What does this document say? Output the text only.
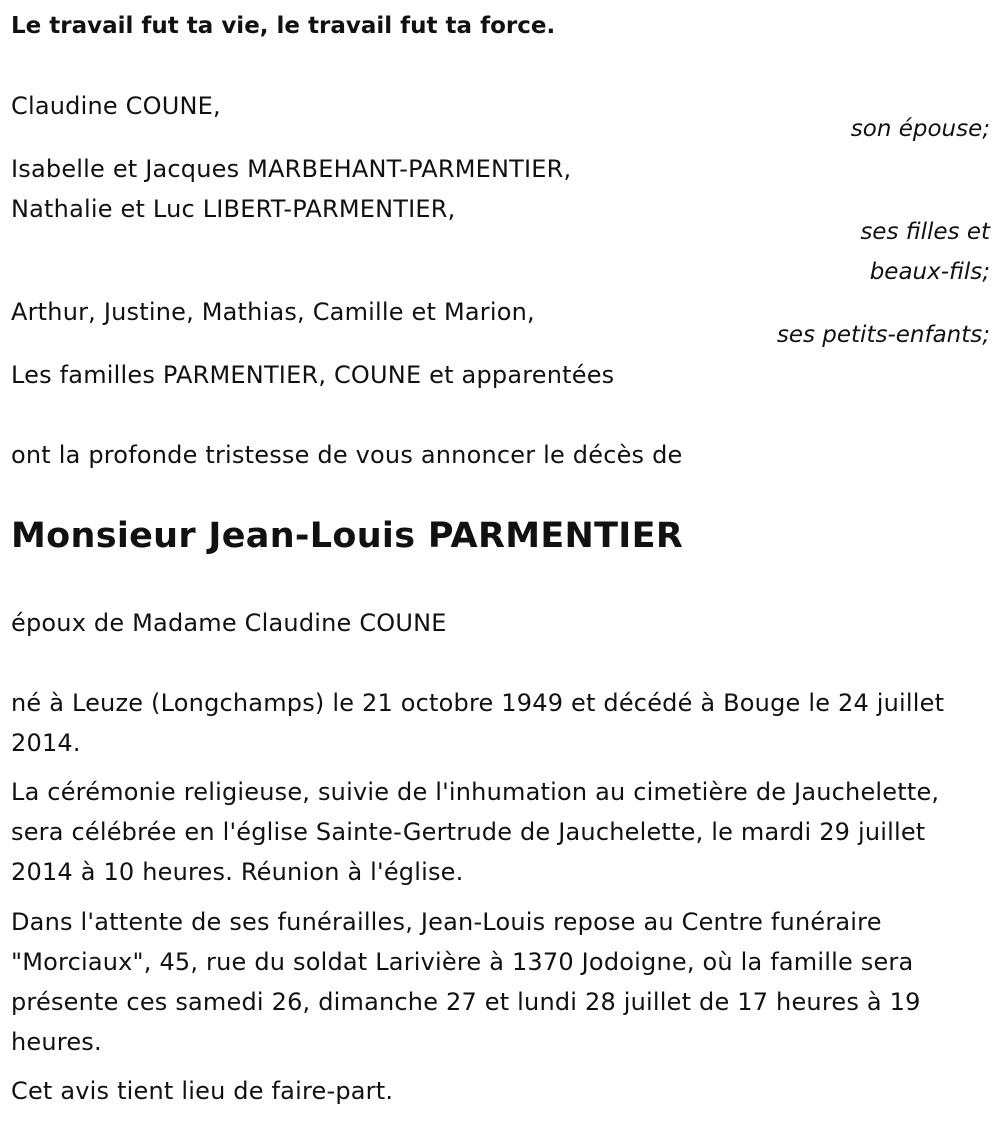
Le travail fut ta vie, le travail fut ta force.
Claudine COUNE,
son épouse;
Isabelle et Jacques MARBEHANT-PARMENTIER,
Nathalie et Luc LIBERT-PARMENTIER,
ses filles et
beaux-fils;
Arthur, Justine, Mathias, Camille et Marion,
ses petits-enfants;
Les familles PARMENTIER, COUNE et apparentées
ont la profonde tristesse de vous annoncer le décès de
Monsieur Jean-Louis PARMENTIER
époux de Madame Claudine COUNE
né à Leuze (Longchamps) le 21 octobre 1949 et décédé à Bouge le 24 juillet 2014.
La cérémonie religieuse, suivie de l'inhumation au cimetière de Jauchelette, sera célébrée en l'église Sainte-Gertrude de Jauchelette, le mardi 29 juillet 2014 à 10 heures. Réunion à l'église.
Dans l'attente de ses funérailles, Jean-Louis repose au Centre funéraire "Morciaux", 45, rue du soldat Larivière à 1370 Jodoigne, où la famille sera présente ces samedi 26, dimanche 27 et lundi 28 juillet de 17 heures à 19 heures.
Cet avis tient lieu de faire-part.
